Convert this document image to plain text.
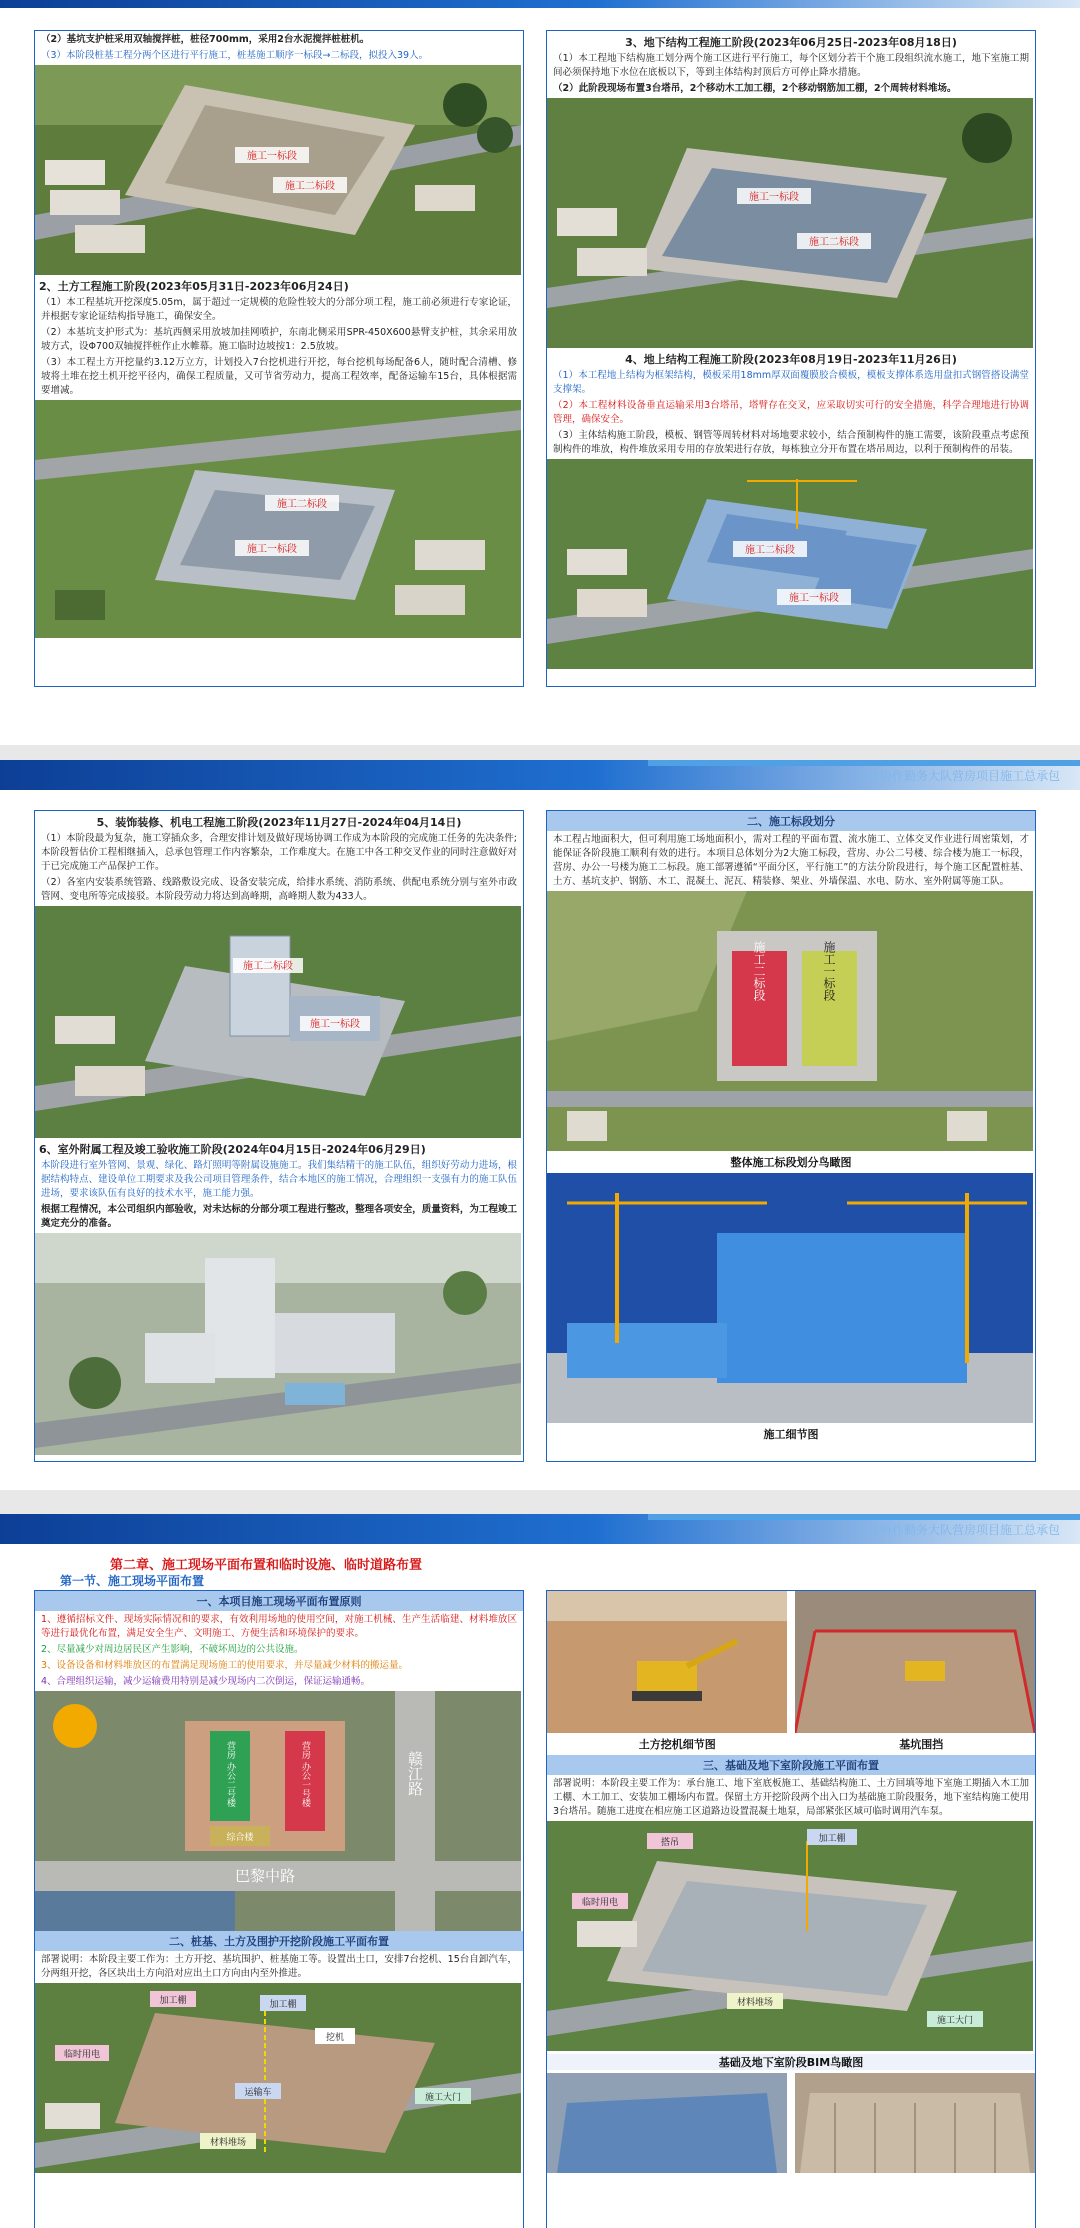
（2）基坑支护桩采用双轴搅拌桩，桩径700mm，采用2台水泥搅拌桩桩机。
（3）本阶段桩基工程分两个区进行平行施工，桩基施工顺序一标段→二标段，拟投入39人。
施工一标段
施工二标段
2、土方工程施工阶段(2023年05月31日-2023年06月24日)
（1）本工程基坑开挖深度5.05m，属于超过一定规模的危险性较大的分部分项工程，施工前必须进行专家论证，并根据专家论证结构指导施工，确保安全。
（2）本基坑支护形式为：基坑西侧采用放坡加挂网喷护，东南北侧采用SPR-450X600悬臂支护桩，其余采用放坡方式，设Φ700双轴搅拌桩作止水帷幕。施工临时边坡按1：2.5放坡。
（3）本工程土方开挖量约3.12万立方，计划投入7台挖机进行开挖，每台挖机每场配备6人，随时配合清槽、修坡将土堆在挖土机开挖平径内，确保工程质量，又可节省劳动力，提高工程效率，配备运输车15台，具体根据需要增减。
施工二标段
施工一标段
3、地下结构工程施工阶段(2023年06月25日-2023年08月18日)
（1）本工程地下结构施工划分两个施工区进行平行施工，每个区划分若干个施工段组织流水施工，地下室施工期间必须保持地下水位在底板以下，等到主体结构封顶后方可停止降水措施。
（2）此阶段现场布置3台塔吊，2个移动木工加工棚，2个移动钢筋加工棚，2个周转材料堆场。
施工一标段
施工二标段
4、地上结构工程施工阶段(2023年08月19日-2023年11月26日)
（1）本工程地上结构为框架结构，模板采用18mm厚双面覆膜胶合模板，模板支撑体系选用盘扣式钢管搭设满堂支撑架。
（2）本工程材料设备垂直运输采用3台塔吊，塔臂存在交叉，应采取切实可行的安全措施，科学合理地进行协调管理，确保安全。
（3）主体结构施工阶段，模板、钢管等周转材料对场地要求较小，结合预制构件的施工需要，该阶段重点考虑预制构件的堆放，构件堆放采用专用的存放架进行存放，每栋独立分开布置在塔吊周边，以利于预制构件的吊装。
施工二标段
施工一标段
监狱协作勤务大队营房项目施工总承包
5、装饰装修、机电工程施工阶段(2023年11月27日-2024年04月14日)
（1）本阶段最为复杂，施工穿插众多，合理安排计划及做好现场协调工作成为本阶段的完成施工任务的先决条件;本阶段暂估价工程相继插入，总承包管理工作内容繁杂，工作难度大。在施工中各工种交叉作业的同时注意做好对于已完成施工产品保护工作。
（2）各室内安装系统管路、线路敷设完成、设备安装完成，给排水系统、消防系统、供配电系统分别与室外市政管网、变电所等完成接驳。本阶段劳动力将达到高峰期，高峰期人数为433人。
施工二标段
施工一标段
6、室外附属工程及竣工验收施工阶段(2024年04月15日-2024年06月29日)
本阶段进行室外管网、景观、绿化、路灯照明等附属设施施工。我们集结精干的施工队伍，组织好劳动力进场，根据结构特点、建设单位工期要求及我公司项目管理条件，结合本地区的施工情况，合理组织一支强有力的施工队伍进场，要求该队伍有良好的技术水平，施工能力强。
根据工程情况，本公司组织内部验收，对未达标的分部分项工程进行整改，整理各项安全，质量资料，为工程竣工奠定充分的准备。
二、施工标段划分
本工程占地面积大，但可利用施工场地面积小，需对工程的平面布置、流水施工、立体交叉作业进行周密策划，才能保证各阶段施工顺利有效的进行。本项目总体划分为2大施工标段，营房、办公二号楼、综合楼为施工一标段，营房、办公一号楼为施工二标段。施工部署遵循“平面分区，平行施工”的方法分阶段进行，每个施工区配置桩基、土方、基坑支护、钢筋、木工、混凝土、泥瓦、精装修、架业、外墙保温、水电、防水、室外附属等施工队。
施工二标段	施工一标段
整体施工标段划分鸟瞰图
施工细节图
监狱协作勤务大队营房项目施工总承包
第二章、施工现场平面布置和临时设施、临时道路布置
第一节、施工现场平面布置
一、本项目施工现场平面布置原则
1、遵循招标文件、现场实际情况和的要求，有效利用场地的使用空间，对施工机械、生产生活临建、材料堆放区等进行最优化布置，满足安全生产、文明施工、方便生活和环境保护的要求。
2、尽量减少对周边居民区产生影响，不破坏周边的公共设施。
3、设备设备和材料堆放区的布置满足现场施工的使用要求，并尽量减少材料的搬运量。
4、合理组织运输，减少运输费用特别是减少现场内二次倒运，保证运输通畅。
赣江路
巴黎中路
营房 办公二号楼	营房 办公一号楼
综合楼
二、桩基、土方及围护开挖阶段施工平面布置
部署说明：本阶段主要工作为：土方开挖、基坑围护、桩基施工等。设置出土口，安排7台挖机、15台自卸汽车，分两组开挖，各区块出土方向沿对应出土口方向由内至外推进。
加工棚
临时用电
运输车
加工棚
挖机
施工大门
材料堆场
土方挖机细节图	基坑围挡
三、基础及地下室阶段施工平面布置
部署说明：本阶段主要工作为：承台施工、地下室底板施工、基础结构施工、土方回填等地下室施工期插入木工加工棚、木工加工、安装加工棚场内布置。保留土方开挖阶段两个出入口为基础施工阶段服务，地下室结构施工使用3台塔吊。随施工进度在相应施工区道路边设置混凝土地泵，局部紧张区域可临时调用汽车泵。
搭吊	加工棚
临时用电
材料堆场
施工大门
基础及地下室阶段BIM鸟瞰图
